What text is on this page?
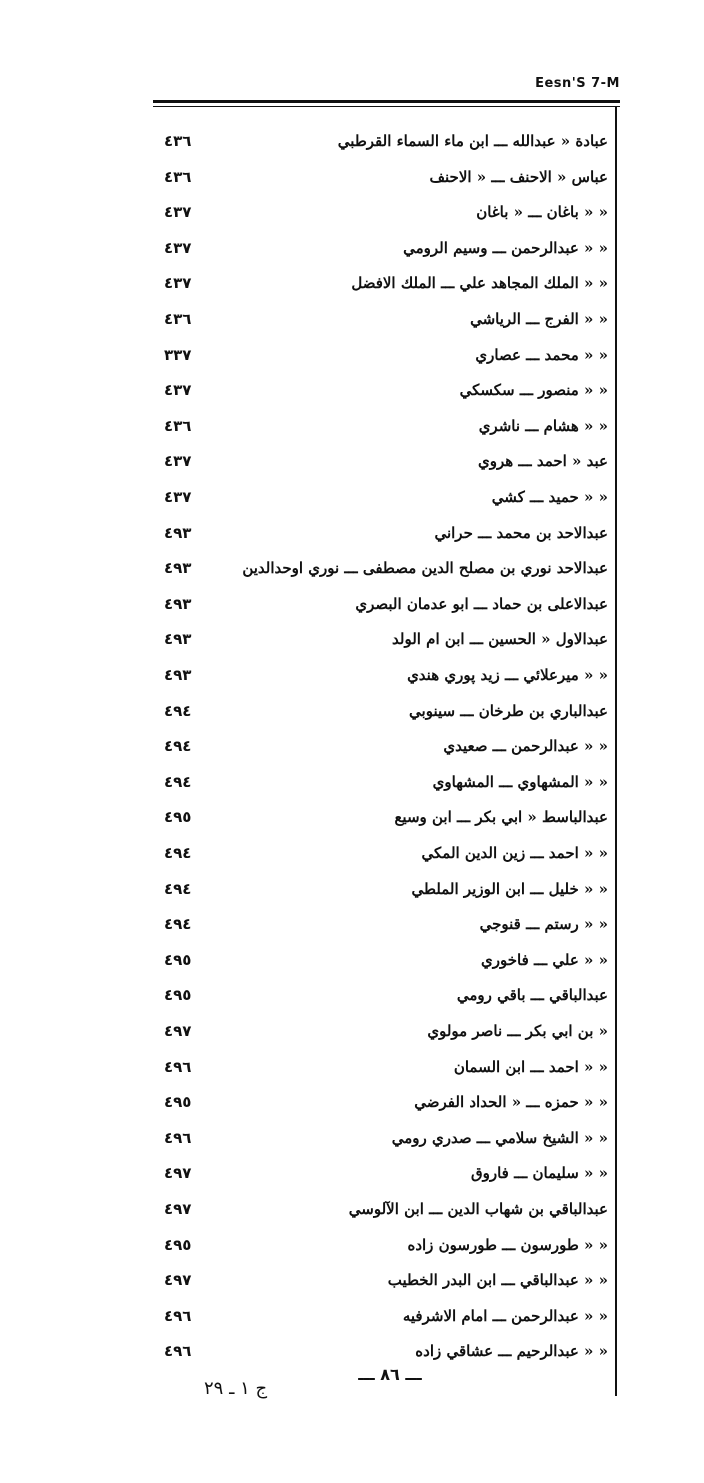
Eesn'S 7-M
عبادة « عبدالله ـــ ابن ماء السماء القرطبي
٤٣٦
عباس « الاحنف ـــ « الاحنف
٤٣٦
« « باغان ـــ « باغان
٤٣٧
« « عبدالرحمن ـــ وسيم الرومي
٤٣٧
« « الملك المجاهد علي ـــ الملك الافضل
٤٣٧
« « الفرج ـــ الرياشي
٤٣٦
« « محمد ـــ عصاري
٣٣٧
« « منصور ـــ سكسكي
٤٣٧
« « هشام ـــ ناشري
٤٣٦
عبد « احمد ـــ هروي
٤٣٧
« « حميد ـــ كشي
٤٣٧
عبدالاحد بن محمد ـــ حراني
٤٩٣
عبدالاحد نوري بن مصلح الدين مصطفى ـــ نوري اوحدالدين
٤٩٣
عبدالاعلى بن حماد ـــ ابو عدمان البصري
٤٩٣
عبدالاول « الحسين ـــ ابن ام الولد
٤٩٣
« « ميرعلائي ـــ زيد پوري هندي
٤٩٣
عبدالباري بن طرخان ـــ سينوبي
٤٩٤
« « عبدالرحمن ـــ صعيدي
٤٩٤
« « المشهاوي ـــ المشهاوي
٤٩٤
عبدالباسط « ابي بكر ـــ ابن وسيع
٤٩٥
« « احمد ـــ زين الدين المكي
٤٩٤
« « خليل ـــ ابن الوزير الملطي
٤٩٤
« « رستم ـــ قنوجي
٤٩٤
« « علي ـــ فاخوري
٤٩٥
عبدالباقي ـــ باقي رومي
٤٩٥
« بن ابي بكر ـــ ناصر مولوي
٤٩٧
« « احمد ـــ ابن السمان
٤٩٦
« « حمزه ـــ « الحداد الفرضي
٤٩٥
« « الشيخ سلامي ـــ صدري رومي
٤٩٦
« « سليمان ـــ فاروق
٤٩٧
عبدالباقي بن شهاب الدين ـــ ابن الآلوسي
٤٩٧
« « طورسون ـــ طورسون زاده
٤٩٥
« « عبدالباقي ـــ ابن البدر الخطيب
٤٩٧
« « عبدالرحمن ـــ امام الاشرفيه
٤٩٦
« « عبدالرحيم ـــ عشاقي زاده
٤٩٦
ـــ ٨٦ ـــ
ج ١ ـ ٢٩
